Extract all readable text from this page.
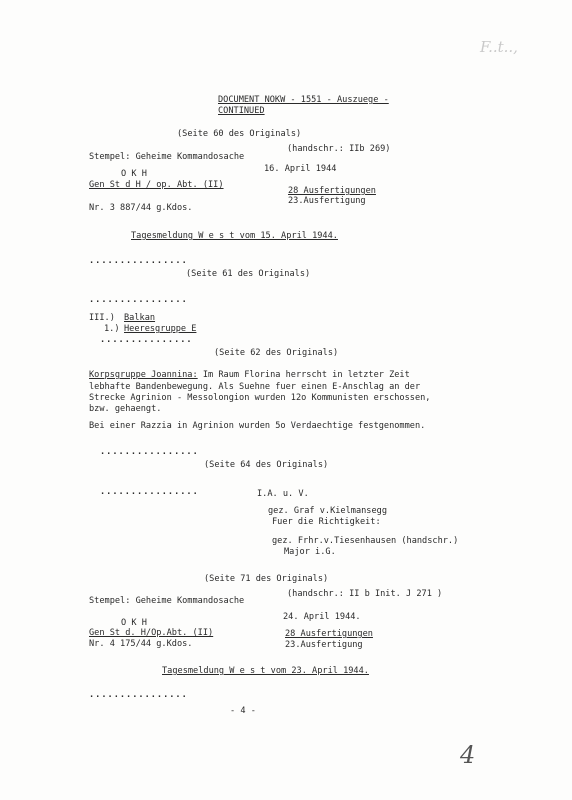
F..t..,
DOCUMENT NOKW - 1551 - Auszuege -
CONTINUED
(Seite 60 des Originals)
Stempel: Geheime Kommandosache
(handschr.: IIb 269)
O K H	16. April 1944
Gen St d H / op. Abt. (II)
28 Ausfertigungen
23.Ausfertigung
Nr. 3 887/44 g.Kdos.
Tagesmeldung W e s t vom 15. April 1944.
................
(Seite 61 des Originals)
................
III.) Balkan
1.) Heeresgruppe E
...............
(Seite 62 des Originals)
Korpsgruppe Joannina: Im Raum Florina herrscht in letzter Zeit
lebhafte Bandenbewegung. Als Suehne fuer einen E-Anschlag an der
Strecke Agrinion - Messolongion wurden 12o Kommunisten erschossen,
bzw. gehaengt.
Bei einer Razzia in Agrinion wurden 5o Verdaechtige festgenommen.
................
(Seite 64 des Originals)
................	I.A. u. V.
gez. Graf v.Kielmansegg
Fuer die Richtigkeit:
gez. Frhr.v.Tiesenhausen (handschr.)
Major i.G.
(Seite 71 des Originals)
Stempel: Geheime Kommandosache
(handschr.: II b Init. J 271 )
24. April 1944.
O K H
Gen St d. H/Op.Abt. (II)	28 Ausfertigungen
Nr. 4 175/44 g.Kdos.	23.Ausfertigung
Tagesmeldung W e s t vom 23. April 1944.
................
- 4 -
4
